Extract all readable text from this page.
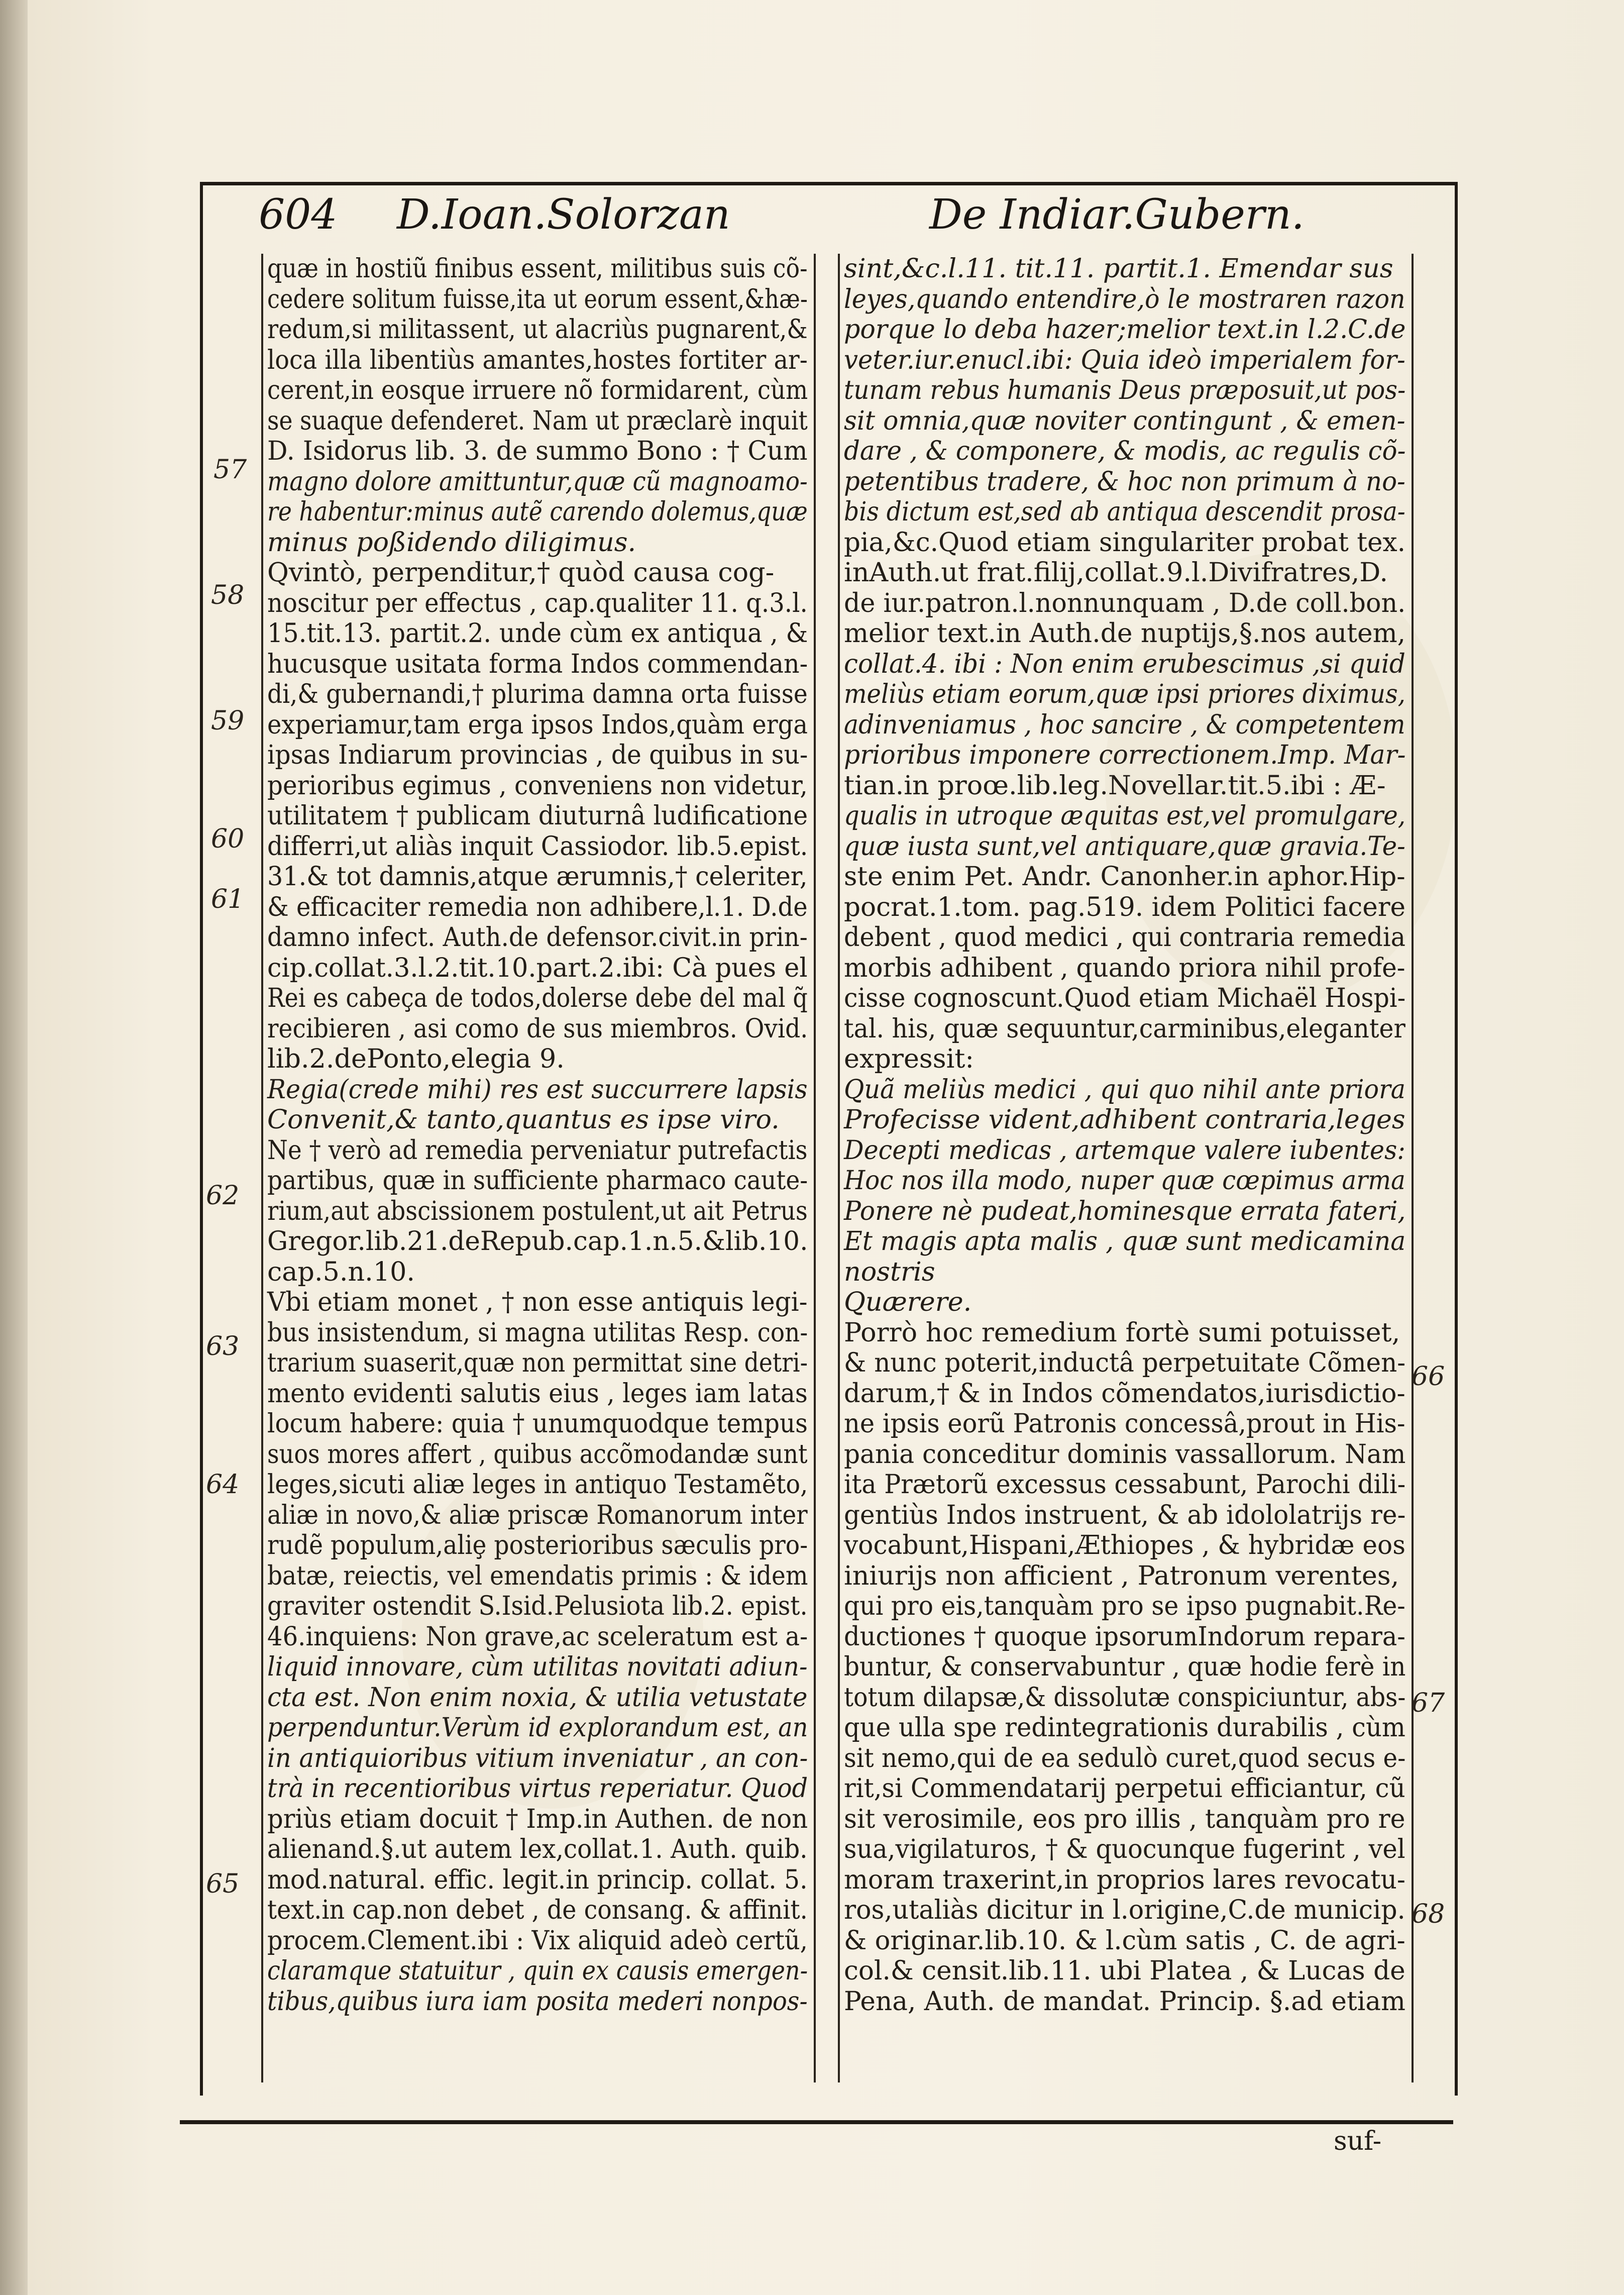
604 D.Ioan.Solorzan	De Indiar.Gubern.
quæ in hostiũ finibus essent, militibus suis cõ-
cedere solitum fuisse,ita ut eorum essent,&hæ-
redum,si militassent, ut alacriùs pugnarent,&
loca illa libentiùs amantes,hostes fortiter ar-
cerent,in eosque irruere nõ formidarent, cùm
se suaque defenderet. Nam ut præclarè inquit
D. Isidorus lib. 3. de summo Bono : † Cum
magno dolore amittuntur,quæ cũ magnoamo-
re habentur:minus autẽ carendo dolemus,quæ
minus poßidendo diligimus.
Qvintò, perpenditur,† quòd causa cog-
noscitur per effectus , cap.qualiter 11. q.3.l.
15.tit.13. partit.2. unde cùm ex antiqua , &
hucusque usitata forma Indos commendan-
di,& gubernandi,† plurima damna orta fuisse
experiamur,tam erga ipsos Indos,quàm erga
ipsas Indiarum provincias , de quibus in su-
perioribus egimus , conveniens non videtur,
utilitatem † publicam diuturnâ ludificatione
differri,ut aliàs inquit Cassiodor. lib.5.epist.
31.& tot damnis,atque ærumnis,† celeriter,
& efficaciter remedia non adhibere,l.1. D.de
damno infect. Auth.de defensor.civit.in prin-
cip.collat.3.l.2.tit.10.part.2.ibi: Cà pues el
Rei es cabeça de todos,dolerse debe del mal q̃
recibieren , asi como de sus miembros. Ovid.
lib.2.dePonto,elegia 9.
Regia(crede mihi) res est succurrere lapsis
Convenit,& tanto,quantus es ipse viro.
Ne † verò ad remedia perveniatur putrefactis
partibus, quæ in sufficiente pharmaco caute-
rium,aut abscissionem postulent,ut ait Petrus
Gregor.lib.21.deRepub.cap.1.n.5.&lib.10.
cap.5.n.10.
Vbi etiam monet , † non esse antiquis legi-
bus insistendum, si magna utilitas Resp. con-
trarium suaserit,quæ non permittat sine detri-
mento evidenti salutis eius , leges iam latas
locum habere: quia † unumquodque tempus
suos mores affert , quibus accõmodandæ sunt
leges,sicuti aliæ leges in antiquo Testamẽto,
aliæ in novo,& aliæ priscæ Romanorum inter
rudẽ populum,aliȩ posterioribus sæculis pro-
batæ, reiectis, vel emendatis primis : & idem
graviter ostendit S.Isid.Pelusiota lib.2. epist.
46.inquiens: Non grave,ac sceleratum est a-
liquid innovare, cùm utilitas novitati adiun-
cta est. Non enim noxia, & utilia vetustate
perpenduntur.Verùm id explorandum est, an
in antiquioribus vitium inveniatur , an con-
trà in recentioribus virtus reperiatur. Quod
priùs etiam docuit † Imp.in Authen. de non
alienand.§.ut autem lex,collat.1. Auth. quib.
mod.natural. effic. legit.in princip. collat. 5.
text.in cap.non debet , de consang. & affinit.
procem.Clement.ibi : Vix aliquid adeò certũ,
claramque statuitur , quin ex causis emergen-
tibus,quibus iura iam posita mederi nonpos-
sint,&c.l.11. tit.11. partit.1. Emendar sus
leyes,quando entendire,ò le mostraren razon
porque lo deba hazer;melior text.in l.2.C.de
veter.iur.enucl.ibi: Quia ideò imperialem for-
tunam rebus humanis Deus præposuit,ut pos-
sit omnia,quæ noviter contingunt , & emen-
dare , & componere, & modis, ac regulis cõ-
petentibus tradere, & hoc non primum à no-
bis dictum est,sed ab antiqua descendit prosa-
pia,&c.Quod etiam singulariter probat tex.
inAuth.ut frat.filij,collat.9.l.Divifratres,D.
de iur.patron.l.nonnunquam , D.de coll.bon.
melior text.in Auth.de nuptijs,§.nos autem,
collat.4. ibi : Non enim erubescimus ,si quid
meliùs etiam eorum,quæ ipsi priores diximus,
adinveniamus , hoc sancire , & competentem
prioribus imponere correctionem.Imp. Mar-
tian.in proœ.lib.leg.Novellar.tit.5.ibi : Æ-
qualis in utroque æquitas est,vel promulgare,
quæ iusta sunt,vel antiquare,quæ gravia.Te-
ste enim Pet. Andr. Canonher.in aphor.Hip-
pocrat.1.tom. pag.519. idem Politici facere
debent , quod medici , qui contraria remedia
morbis adhibent , quando priora nihil profe-
cisse cognoscunt.Quod etiam Michaël Hospi-
tal. his, quæ sequuntur,carminibus,eleganter
expressit:
Quã meliùs medici , qui quo nihil ante priora
Profecisse vident,adhibent contraria,leges
Decepti medicas , artemque valere iubentes:
Hoc nos illa modo, nuper quæ cœpimus arma
Ponere nè pudeat,hominesque errata fateri,
Et magis apta malis , quæ sunt medicamina
nostris
Quærere.
Porrò hoc remedium fortè sumi potuisset,
& nunc poterit,inductâ perpetuitate Cõmen-
darum,† & in Indos cõmendatos,iurisdictio-
ne ipsis eorũ Patronis concessâ,prout in His-
pania conceditur dominis vassallorum. Nam
ita Prætorũ excessus cessabunt, Parochi dili-
gentiùs Indos instruent, & ab idololatrijs re-
vocabunt,Hispani,Æthiopes , & hybridæ eos
iniurijs non afficient , Patronum verentes,
qui pro eis,tanquàm pro se ipso pugnabit.Re-
ductiones † quoque ipsorumIndorum repara-
buntur, & conservabuntur , quæ hodie ferè in
totum dilapsæ,& dissolutæ conspiciuntur, abs-
que ulla spe redintegrationis durabilis , cùm
sit nemo,qui de ea sedulò curet,quod secus e-
rit,si Commendatarij perpetui efficiantur, cũ
sit verosimile, eos pro illis , tanquàm pro re
sua,vigilaturos, † & quocunque fugerint , vel
moram traxerint,in proprios lares revocatu-
ros,utaliàs dicitur in l.origine,C.de municip.
& originar.lib.10. & l.cùm satis , C. de agri-
col.& censit.lib.11. ubi Platea , & Lucas de
Pena, Auth. de mandat. Princip. §.ad etiam
57
58
59
60
61
62
63
64
65
66
67
68
suf-
